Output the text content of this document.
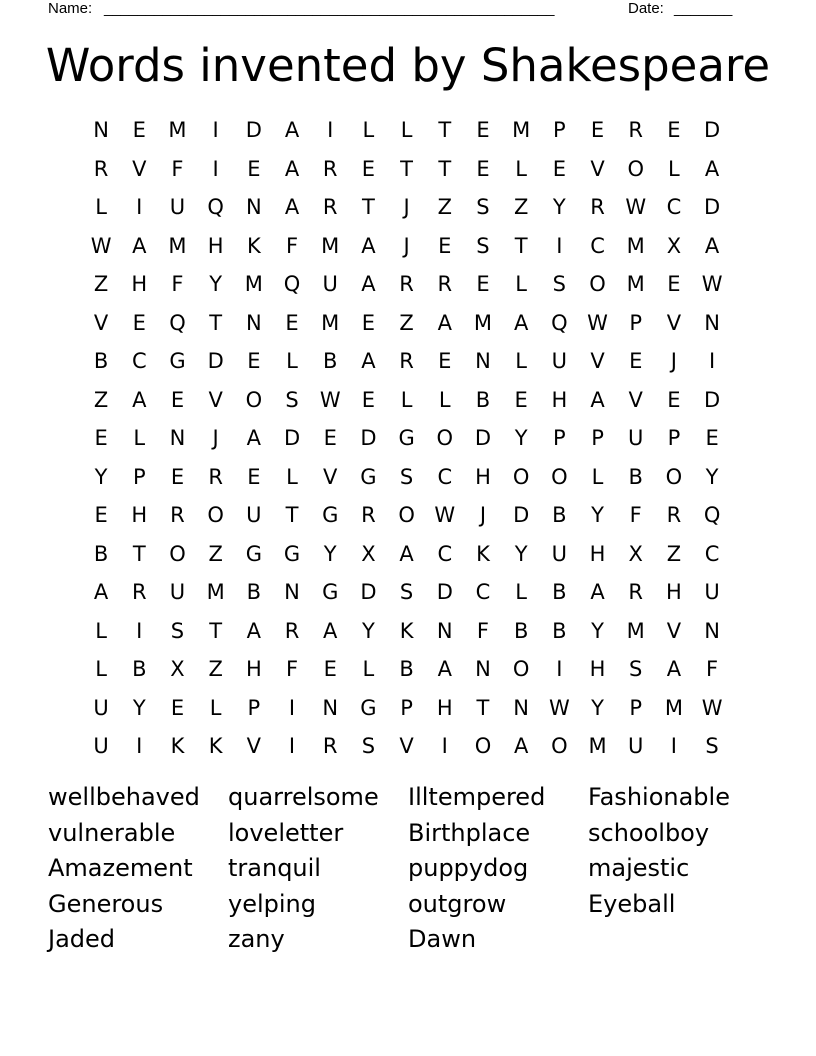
Name: ______________________________________________________	Date: _______
Words invented by Shakespeare
N	E	M	I	D	A	I	L	L	T	E	M	P	E	R	E	D
R	V	F	I	E	A	R	E	T	T	E	L	E	V	O	L	A
L	I	U	Q	N	A	R	T	J	Z	S	Z	Y	R W C	D
W A	M	H	K	F	M	A	J	E	S	T	I	C	M	X	A
Z	H	F	Y	M Q	U	A	R	R	E	L	S	O M	E	W
V	E	Q	T	N	E	M	E	Z	A	M	A	Q W	P	V	N
B	C	G	D	E	L	B	A	R	E	N	L	U	V	E	J	I
Z	A	E	V	O	S	W	E	L	L	B	E	H	A	V	E	D
E	L	N	J	A	D	E	D	G	O	D	Y	P	P	U	P	E
Y	P	E	R	E	L	V	G	S	C	H	O	O	L	B	O	Y
E	H	R	O	U	T	G	R	O W	J	D	B	Y	F	R	Q
B	T	O	Z	G	G	Y	X	A	C	K	Y	U	H	X	Z	C
A	R	U	M	B	N	G	D	S	D	C	L	B	A	R	H	U
L	I	S	T	A	R	A	Y	K	N	F	B	B	Y	M	V	N
L	B	X	Z	H	F	E	L	B	A	N	O	I	H	S	A	F
U	Y	E	L	P	I	N	G	P	H	T	N W	Y	P	M W
U	I	K	K	V	I	R	S	V	I	O	A	O M	U	I	S
wellbehaved
vulnerable
Amazement
Generous
Jaded
quarrelsome
loveletter
tranquil
yelping
zany
Illtempered
Birthplace
puppydog
outgrow
Dawn
Fashionable
schoolboy
majestic
Eyeball
